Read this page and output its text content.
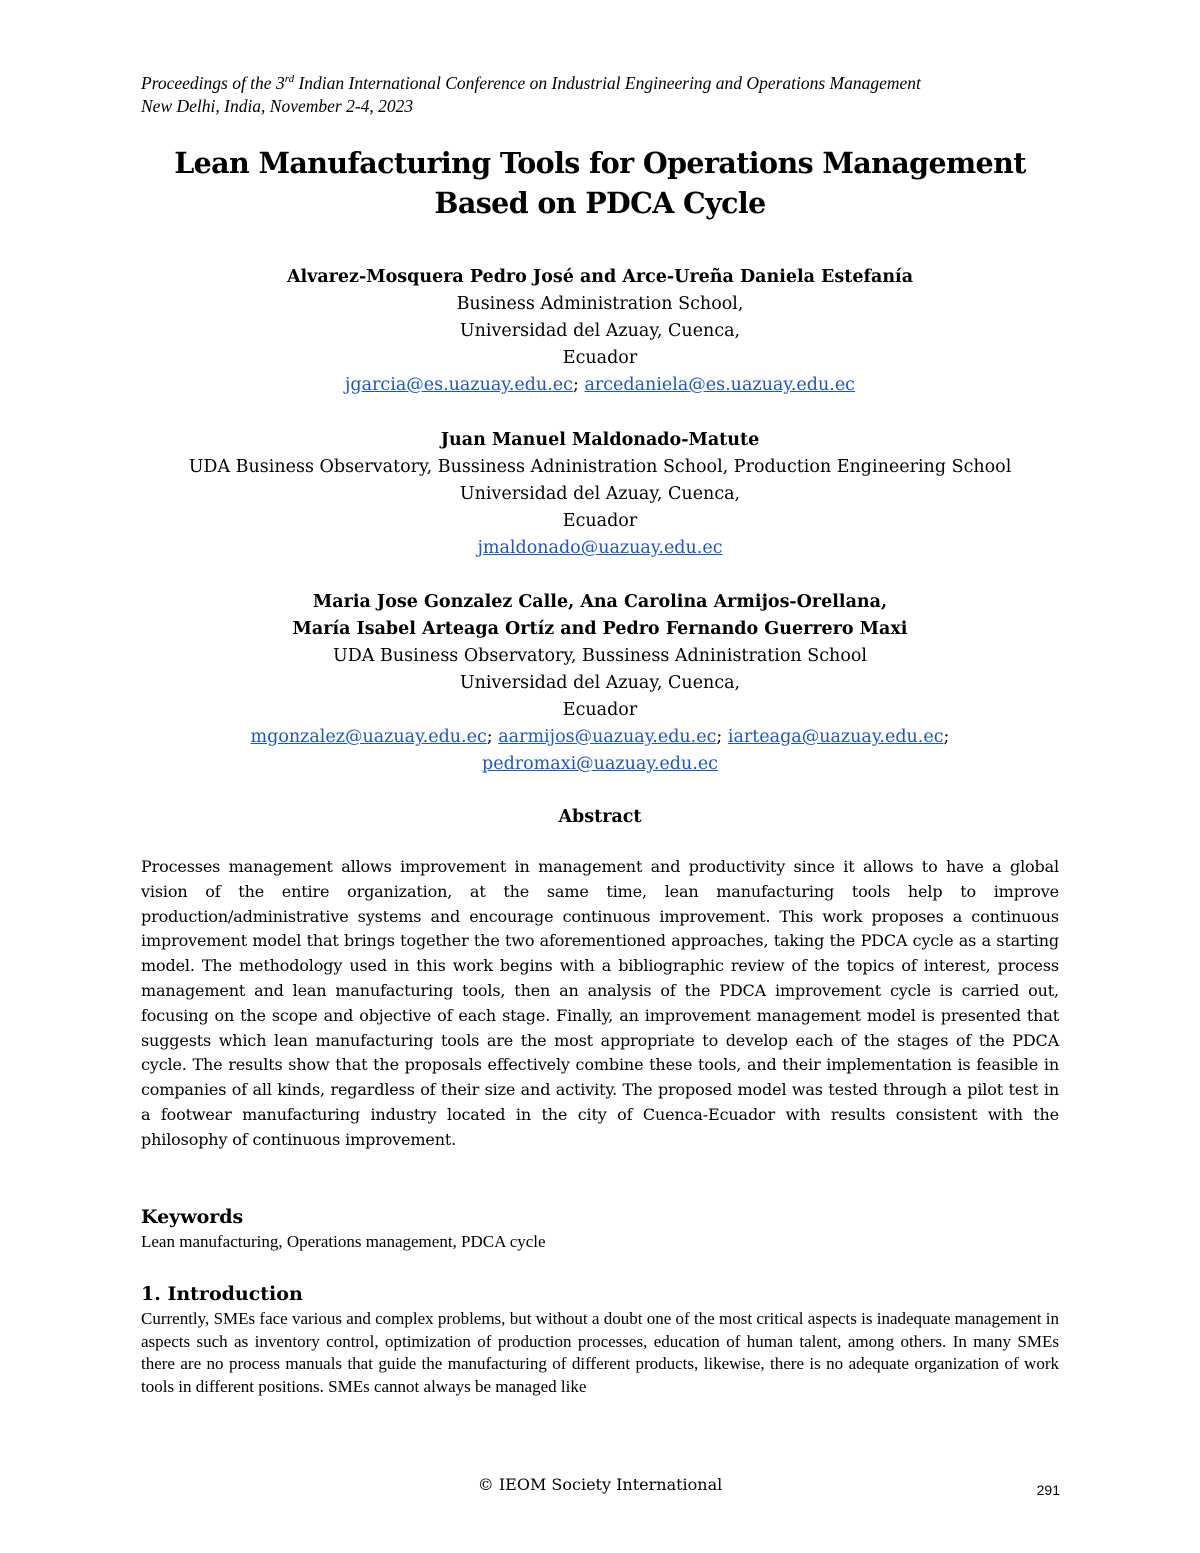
Proceedings of the 3rd Indian International Conference on Industrial Engineering and Operations Management
New Delhi, India, November 2-4, 2023
Lean Manufacturing Tools for Operations Management
Based on PDCA Cycle

Alvarez-Mosquera Pedro José and Arce-Ureña Daniela Estefanía

Business Administration School,

Universidad del Azuay, Cuenca,

Ecuador

jgarcia@es.uazuay.edu.ec; arcedaniela@es.uazuay.edu.ec

Juan Manuel Maldonado-Matute

UDA Business Observatory, Bussiness Adninistration School, Production Engineering School

Universidad del Azuay, Cuenca,

Ecuador

jmaldonado@uazuay.edu.ec

Maria Jose Gonzalez Calle, Ana Carolina Armijos-Orellana,

María Isabel Arteaga Ortíz and Pedro Fernando Guerrero Maxi

UDA Business Observatory, Bussiness Adninistration School

Universidad del Azuay, Cuenca,

Ecuador

mgonzalez@uazuay.edu.ec; aarmijos@uazuay.edu.ec; iarteaga@uazuay.edu.ec;

pedromaxi@uazuay.edu.ec

Abstract

Processes management allows improvement in management and productivity since it allows to have a global vision of the entire organization, at the same time, lean manufacturing tools help to improve production/administrative systems and encourage continuous improvement. This work proposes a continuous improvement model that brings together the two aforementioned approaches, taking the PDCA cycle as a starting model. The methodology used in this work begins with a bibliographic review of the topics of interest, process management and lean manufacturing tools, then an analysis of the PDCA improvement cycle is carried out, focusing on the scope and objective of each stage. Finally, an improvement management model is presented that suggests which lean manufacturing tools are the most appropriate to develop each of the stages of the PDCA cycle. The results show that the proposals effectively combine these tools, and their implementation is feasible in companies of all kinds, regardless of their size and activity. The proposed model was tested through a pilot test in a footwear manufacturing industry located in the city of Cuenca-Ecuador with results consistent with the philosophy of continuous improvement.

Keywords
Lean manufacturing, Operations management, PDCA cycle
1. Introduction

Currently, SMEs face various and complex problems, but without a doubt one of the most critical aspects is inadequate management in aspects such as inventory control, optimization of production processes, education of human talent, among others. In many SMEs there are no process manuals that guide the manufacturing of different products, likewise, there is no adequate organization of work tools in different positions. SMEs cannot always be managed like

© IEOM Society International	291
